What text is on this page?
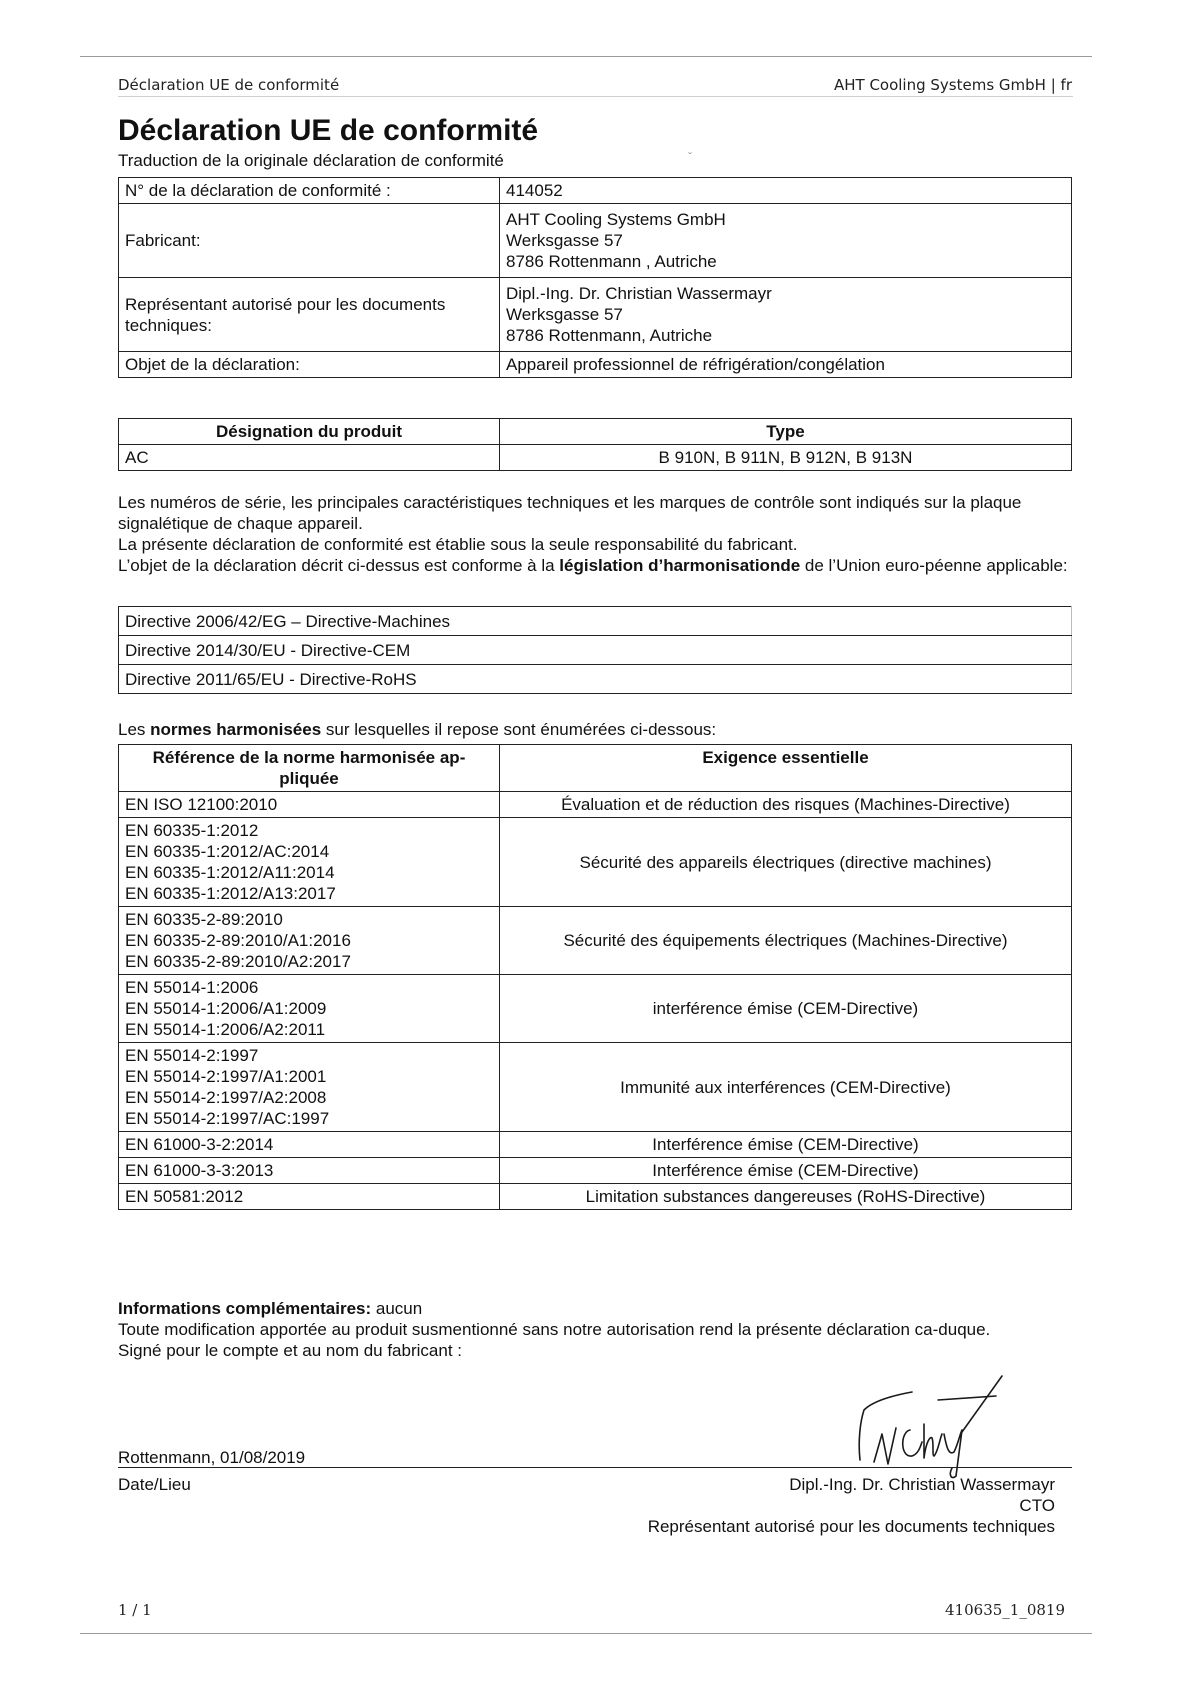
Déclaration UE de conformité	AHT Cooling Systems GmbH | fr
Déclaration UE de conformité
Traduction de la originale déclaration de conformité	ˇ
N° de la déclaration de conformité :	414052

Fabricant:	AHT Cooling Systems GmbH
Werksgasse 57
8786 Rottenmann , Autriche

Représentant autorisé pour les documents techniques:	Dipl.-Ing. Dr. Christian Wassermayr
Werksgasse 57
8786 Rottenmann, Autriche

Objet de la déclaration:	Appareil professionnel de réfrigération/congélation
Désignation du produit	Type
AC	B 910N, B 911N, B 912N, B 913N

Les numéros de série, les principales caractéristiques techniques et les marques de contrôle sont indiqués sur la plaque signalétique de chaque appareil.

La présente déclaration de conformité est établie sous la seule responsabilité du fabricant.

L’objet de la déclaration décrit ci-dessus est conforme à la législation d’harmonisationde de l’Union euro-péenne applicable:

Directive 2006/42/EG – Directive-Machines
Directive 2014/30/EU - Directive-CEM
Directive 2011/65/EU - Directive-RoHS

Les normes harmonisées sur lesquelles il repose sont énumérées ci-dessous:

Référence de la norme harmonisée ap-pliquée	Exigence essentielle

EN ISO 12100:2010	Évaluation et de réduction des risques (Machines-Directive)

EN 60335-1:2012
EN 60335-1:2012/AC:2014
EN 60335-1:2012/A11:2014
EN 60335-1:2012/A13:2017	Sécurité des appareils électriques (directive machines)

EN 60335-2-89:2010
EN 60335-2-89:2010/A1:2016
EN 60335-2-89:2010/A2:2017	Sécurité des équipements électriques (Machines-Directive)

EN 55014-1:2006
EN 55014-1:2006/A1:2009
EN 55014-1:2006/A2:2011	interférence émise (CEM-Directive)

EN 55014-2:1997
EN 55014-2:1997/A1:2001
EN 55014-2:1997/A2:2008
EN 55014-2:1997/AC:1997	Immunité aux interférences (CEM-Directive)

EN 61000-3-2:2014	Interférence émise (CEM-Directive)

EN 61000-3-3:2013	Interférence émise (CEM-Directive)

EN 50581:2012	Limitation substances dangereuses (RoHS-Directive)

Informations complémentaires: aucun

Toute modification apportée au produit susmentionné sans notre autorisation rend la présente déclaration ca-duque.

Signé pour le compte et au nom du fabricant :

Rottenmann, 01/08/2019
Date/Lieu	Dipl.-Ing. Dr. Christian Wassermayr

CTO

Représentant autorisé pour les documents techniques

1 / 1	410635_1_0819
